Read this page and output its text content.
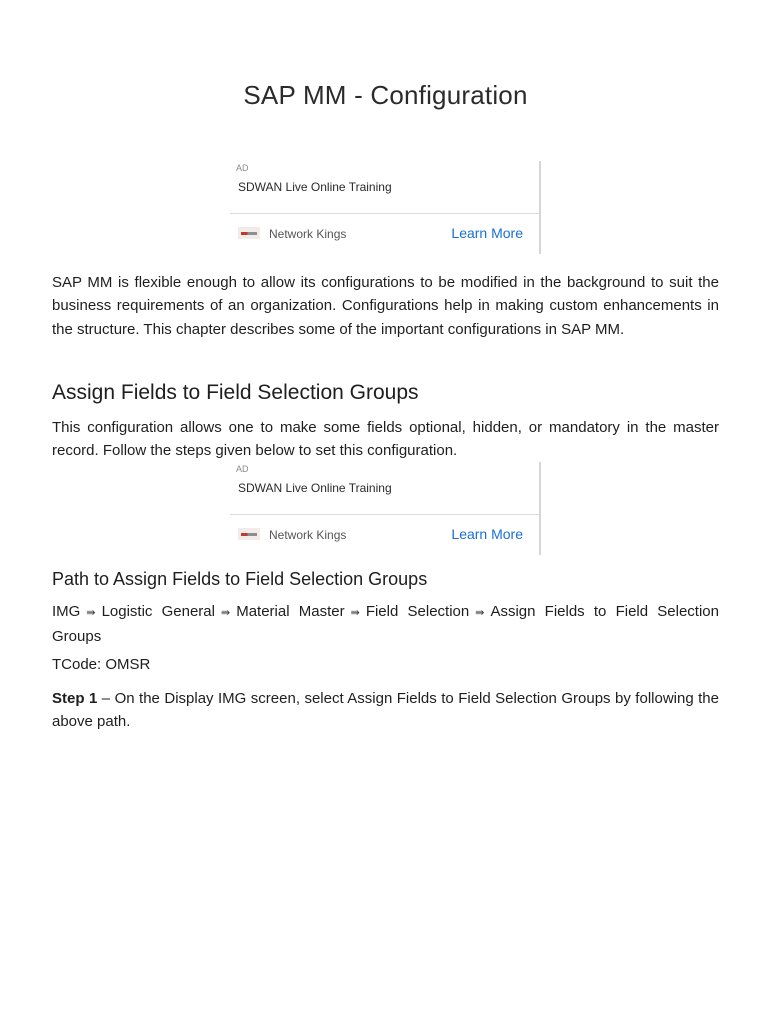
SAP MM - Configuration
AD
SDWAN Live Online Training
Network Kings	Learn More

SAP MM is flexible enough to allow its configurations to be modified in the background to suit the business requirements of an organization. Configurations help in making custom enhancements in the structure. This chapter describes some of the important configurations in SAP MM.

Assign Fields to Field Selection Groups

This configuration allows one to make some fields optional, hidden, or mandatory in the master record. Follow the steps given below to set this configuration.

AD
SDWAN Live Online Training
Network Kings	Learn More
Path to Assign Fields to Field Selection Groups

IMG ⇛ Logistic General ⇛ Material Master ⇛ Field Selection ⇛ Assign Fields to Field Selection Groups

TCode: OMSR

Step 1 – On the Display IMG screen, select Assign Fields to Field Selection Groups by following the above path.
